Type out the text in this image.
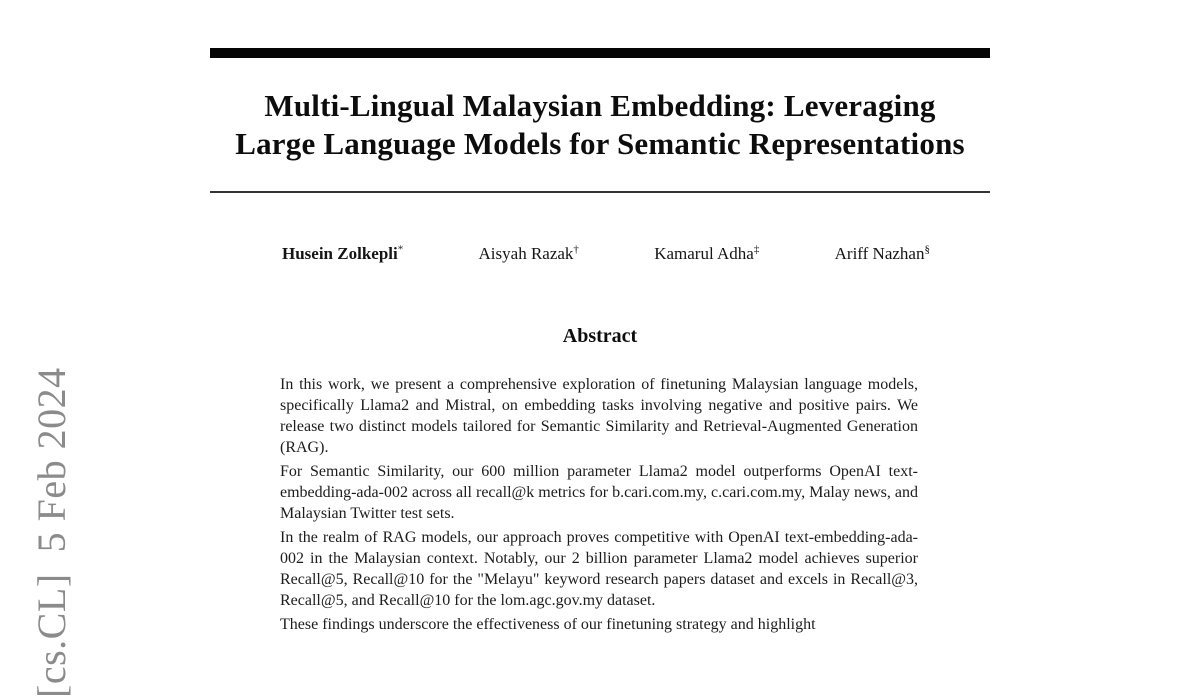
[cs.CL]  5 Feb 2024
Multi-Lingual Malaysian Embedding: Leveraging
Large Language Models for Semantic Representations
Husein Zolkepli*	Aisyah Razak†	Kamarul Adha‡	Ariff Nazhan§
Abstract

In this work, we present a comprehensive exploration of finetuning Malaysian language models, specifically Llama2 and Mistral, on embedding tasks involving negative and positive pairs. We release two distinct models tailored for Semantic Similarity and Retrieval-Augmented Generation (RAG).

For Semantic Similarity, our 600 million parameter Llama2 model outperforms OpenAI text-embedding-ada-002 across all recall@k metrics for b.cari.com.my, c.cari.com.my, Malay news, and Malaysian Twitter test sets.

In the realm of RAG models, our approach proves competitive with OpenAI text-embedding-ada-002 in the Malaysian context. Notably, our 2 billion parameter Llama2 model achieves superior Recall@5, Recall@10 for the "Melayu" keyword research papers dataset and excels in Recall@3, Recall@5, and Recall@10 for the lom.agc.gov.my dataset.

These findings underscore the effectiveness of our finetuning strategy and highlight
